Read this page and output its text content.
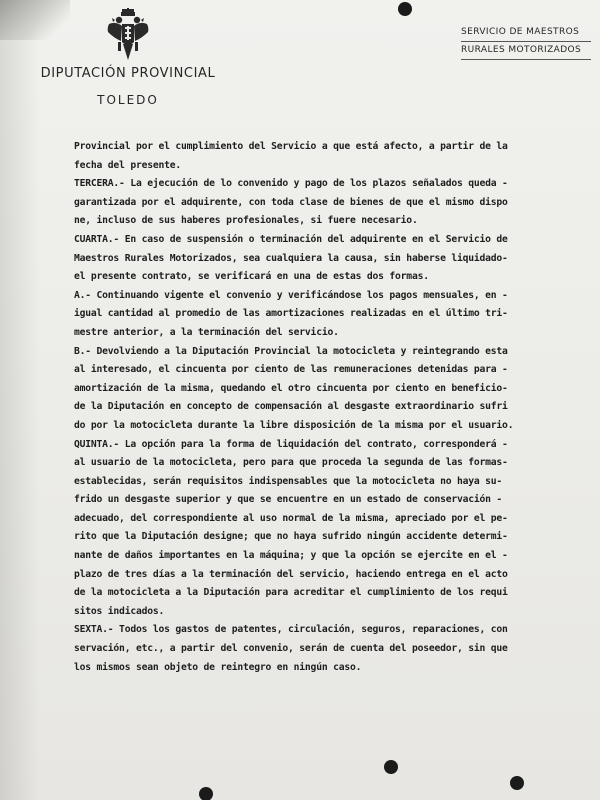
DIPUTACIÓN PROVINCIAL
TOLEDO
SERVICIO DE MAESTROS
RURALES MOTORIZADOS
Provincial por el cumplimiento del Servicio a que está afecto, a partir de la
fecha del presente.
TERCERA.- La ejecución de lo convenido y pago de los plazos señalados queda -
garantizada por el adquirente, con toda clase de bienes de que el mismo dispo
ne, incluso de sus haberes profesionales, si fuere necesario.
CUARTA.- En caso de suspensión o terminación del adquirente en el Servicio de
Maestros Rurales Motorizados, sea cualquiera la causa, sin haberse liquidado-
el presente contrato, se verificará en una de estas dos formas.
A.- Continuando vigente el convenio y verificándose los pagos mensuales, en -
igual cantidad al promedio de las amortizaciones realizadas en el último tri-
mestre anterior, a la terminación del servicio.
B.- Devolviendo a la Diputación Provincial la motocicleta y reintegrando esta
al interesado, el cincuenta por ciento de las remuneraciones detenidas para -
amortización de la misma, quedando el otro cincuenta por ciento en beneficio-
de la Diputación en concepto de compensación al desgaste extraordinario sufri
do por la motocicleta durante la libre disposición de la misma por el usuario.
QUINTA.- La opción para la forma de liquidación del contrato, corresponderá -
al usuario de la motocicleta, pero para que proceda la segunda de las formas-
establecidas, serán requisitos indispensables que la motocicleta no haya su-
frido un desgaste superior y que se encuentre en un estado de conservación -
adecuado, del correspondiente al uso normal de la misma, apreciado por el pe-
rito que la Diputación designe; que no haya sufrido ningún accidente determi-
nante de daños importantes en la máquina; y que la opción se ejercite en el -
plazo de tres días a la terminación del servicio, haciendo entrega en el acto
de la motocicleta a la Diputación para acreditar el cumplimiento de los requi
sitos indicados.
SEXTA.- Todos los gastos de patentes, circulación, seguros, reparaciones, con
servación, etc., a partir del convenio, serán de cuenta del poseedor, sin que
los mismos sean objeto de reintegro en ningún caso.
